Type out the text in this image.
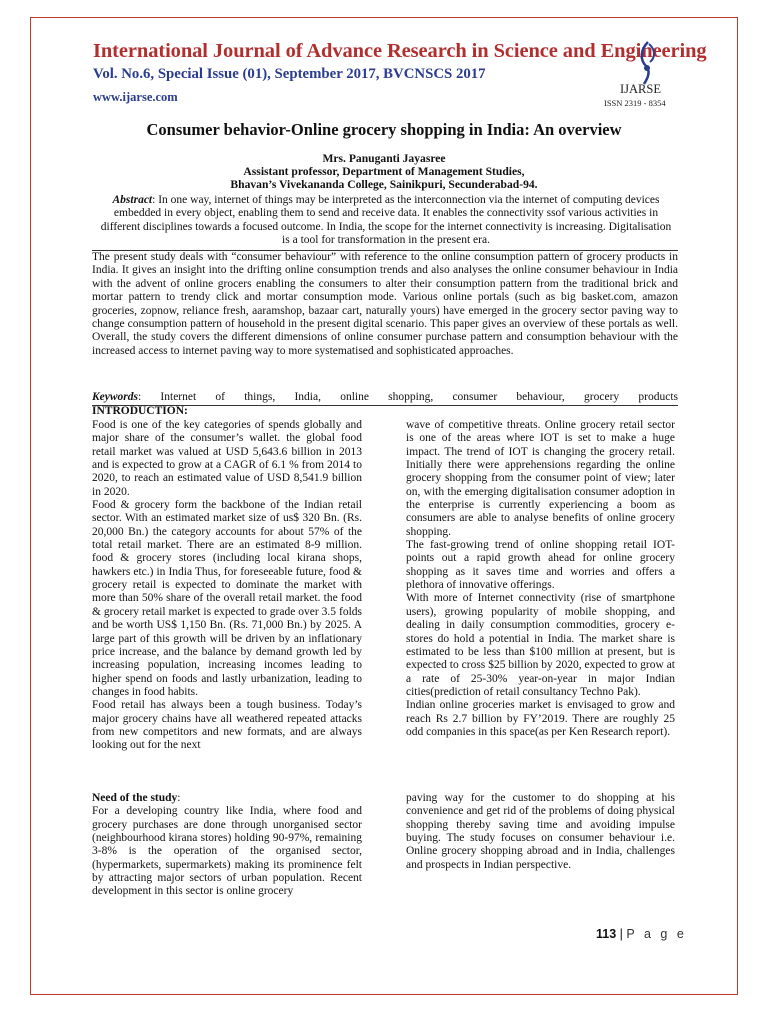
International Journal of Advance Research in Science and Engineering
Vol. No.6, Special Issue (01), September 2017, BVCNSCS 2017
www.ijarse.com
IJARSE
ISSN 2319 - 8354
Consumer behavior-Online grocery shopping in India: An overview
Mrs. Panuganti Jayasree
Assistant professor, Department of Management Studies,
Bhavan’s Vivekananda College, Sainikpuri, Secunderabad-94.
Abstract: In one way, internet of things may be interpreted as the interconnection via the internet of computing devices embedded in every object, enabling them to send and receive data. It enables the connectivity ssof various activities in different disciplines towards a focused outcome. In India, the scope for the internet connectivity is increasing. Digitalisation is a tool for transformation in the present era.
The present study deals with “consumer behaviour” with reference to the online consumption pattern of grocery products in India. It gives an insight into the drifting online consumption trends and also analyses the online consumer behaviour in India with the advent of online grocers enabling the consumers to alter their consumption pattern from the traditional brick and mortar pattern to trendy click and mortar consumption mode. Various online portals (such as big basket.com, amazon groceries, zopnow, reliance fresh, aaramshop, bazaar cart, naturally yours) have emerged in the grocery sector paving way to change consumption pattern of household in the present digital scenario. This paper gives an overview of these portals as well. Overall, the study covers the different dimensions of online consumer purchase pattern and consumption behaviour with the increased access to internet paving way to more systematised and sophisticated approaches.
Keywords: Internet of things, India, online shopping, consumer behaviour, grocery products
INTRODUCTION:

Food is one of the key categories of spends globally and major share of the consumer’s wallet. the global food retail market was valued at USD 5,643.6 billion in 2013 and is expected to grow at a CAGR of 6.1 % from 2014 to 2020, to reach an estimated value of USD 8,541.9 billion in 2020.

Food & grocery form the backbone of the Indian retail sector. With an estimated market size of us$ 320 Bn. (Rs. 20,000 Bn.) the category accounts for about 57% of the total retail market. There are an estimated 8-9 million. food & grocery stores (including local kirana shops, hawkers etc.) in India Thus, for foreseeable future, food & grocery retail is expected to dominate the market with more than 50% share of the overall retail market. the food & grocery retail market is expected to grade over 3.5 folds and be worth US$ 1,150 Bn. (Rs. 71,000 Bn.) by 2025. A large part of this growth will be driven by an inflationary price increase, and the balance by demand growth led by increasing population, increasing incomes leading to higher spend on foods and lastly urbanization, leading to changes in food habits.

Food retail has always been a tough business. Today’s major grocery chains have all weathered repeated attacks from new competitors and new formats, and are always looking out for the next

wave of competitive threats. Online grocery retail sector is one of the areas where IOT is set to make a huge impact. The trend of IOT is changing the grocery retail. Initially there were apprehensions regarding the online grocery shopping from the consumer point of view; later on, with the emerging digitalisation consumer adoption in the enterprise is currently experiencing a boom as consumers are able to analyse benefits of online grocery shopping.

The fast-growing trend of online shopping retail IOT- points out a rapid growth ahead for online grocery shopping as it saves time and worries and offers a plethora of innovative offerings.

With more of Internet connectivity (rise of smartphone users), growing popularity of mobile shopping, and dealing in daily consumption commodities, grocery e-stores do hold a potential in India. The market share is estimated to be less than $100 million at present, but is expected to cross $25 billion by 2020, expected to grow at a rate of 25-30% year-on-year in major Indian cities(prediction of retail consultancy Techno Pak).

Indian online groceries market is envisaged to grow and reach Rs 2.7 billion by FY’2019. There are roughly 25 odd companies in this space(as per Ken Research report).

Need of the study:

For a developing country like India, where food and grocery purchases are done through unorganised sector (neighbourhood kirana stores) holding 90-97%, remaining 3-8% is the operation of the organised sector, (hypermarkets, supermarkets) making its prominence felt by attracting major sectors of urban population. Recent development in this sector is online grocery

paving way for the customer to do shopping at his convenience and get rid of the problems of doing physical shopping thereby saving time and avoiding impulse buying. The study focuses on consumer behaviour i.e. Online grocery shopping abroad and in India, challenges and prospects in Indian perspective.

113 | P a g e
